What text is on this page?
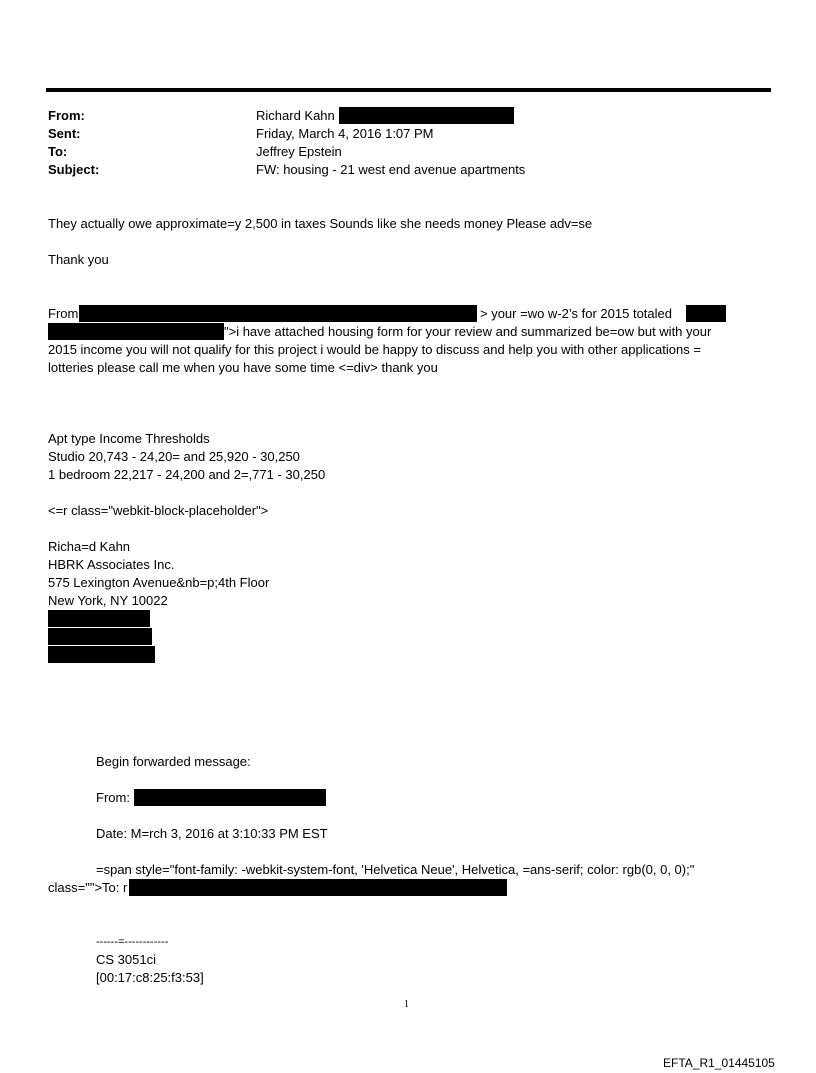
From:	Richard Kahn
Sent:	Friday, March 4, 2016 1:07 PM
To:	Jeffrey Epstein
Subject:	FW: housing - 21 west end avenue apartments
They actually owe approximate=y 2,500 in taxes Sounds like she needs money Please adv=se
Thank you
From	> your =wo w-2’s for 2015 totaled
">i have attached housing form for your review and summarized be=ow but with your
2015 income you will not qualify for this project i would be happy to discuss and help you with other applications =
lotteries please call me when you have some time <=div> thank you
Apt type Income Thresholds
Studio 20,743 - 24,20= and 25,920 - 30,250
1 bedroom 22,217 - 24,200 and 2=,771 - 30,250
<=r class="webkit-block-placeholder">
Richa=d Kahn
HBRK Associates Inc.
575 Lexington Avenue&nb=p;4th Floor
New York, NY 10022
Begin forwarded message:
From:
Date: M=rch 3, 2016 at 3:10:33 PM EST
=span style="font-family: -webkit-system-font, 'Helvetica Neue', Helvetica, =ans-serif; color: rgb(0, 0, 0);"
class="">To: r
------=------------
CS 3051ci
[00:17:c8:25:f3:53]
1
EFTA_R1_01445105
